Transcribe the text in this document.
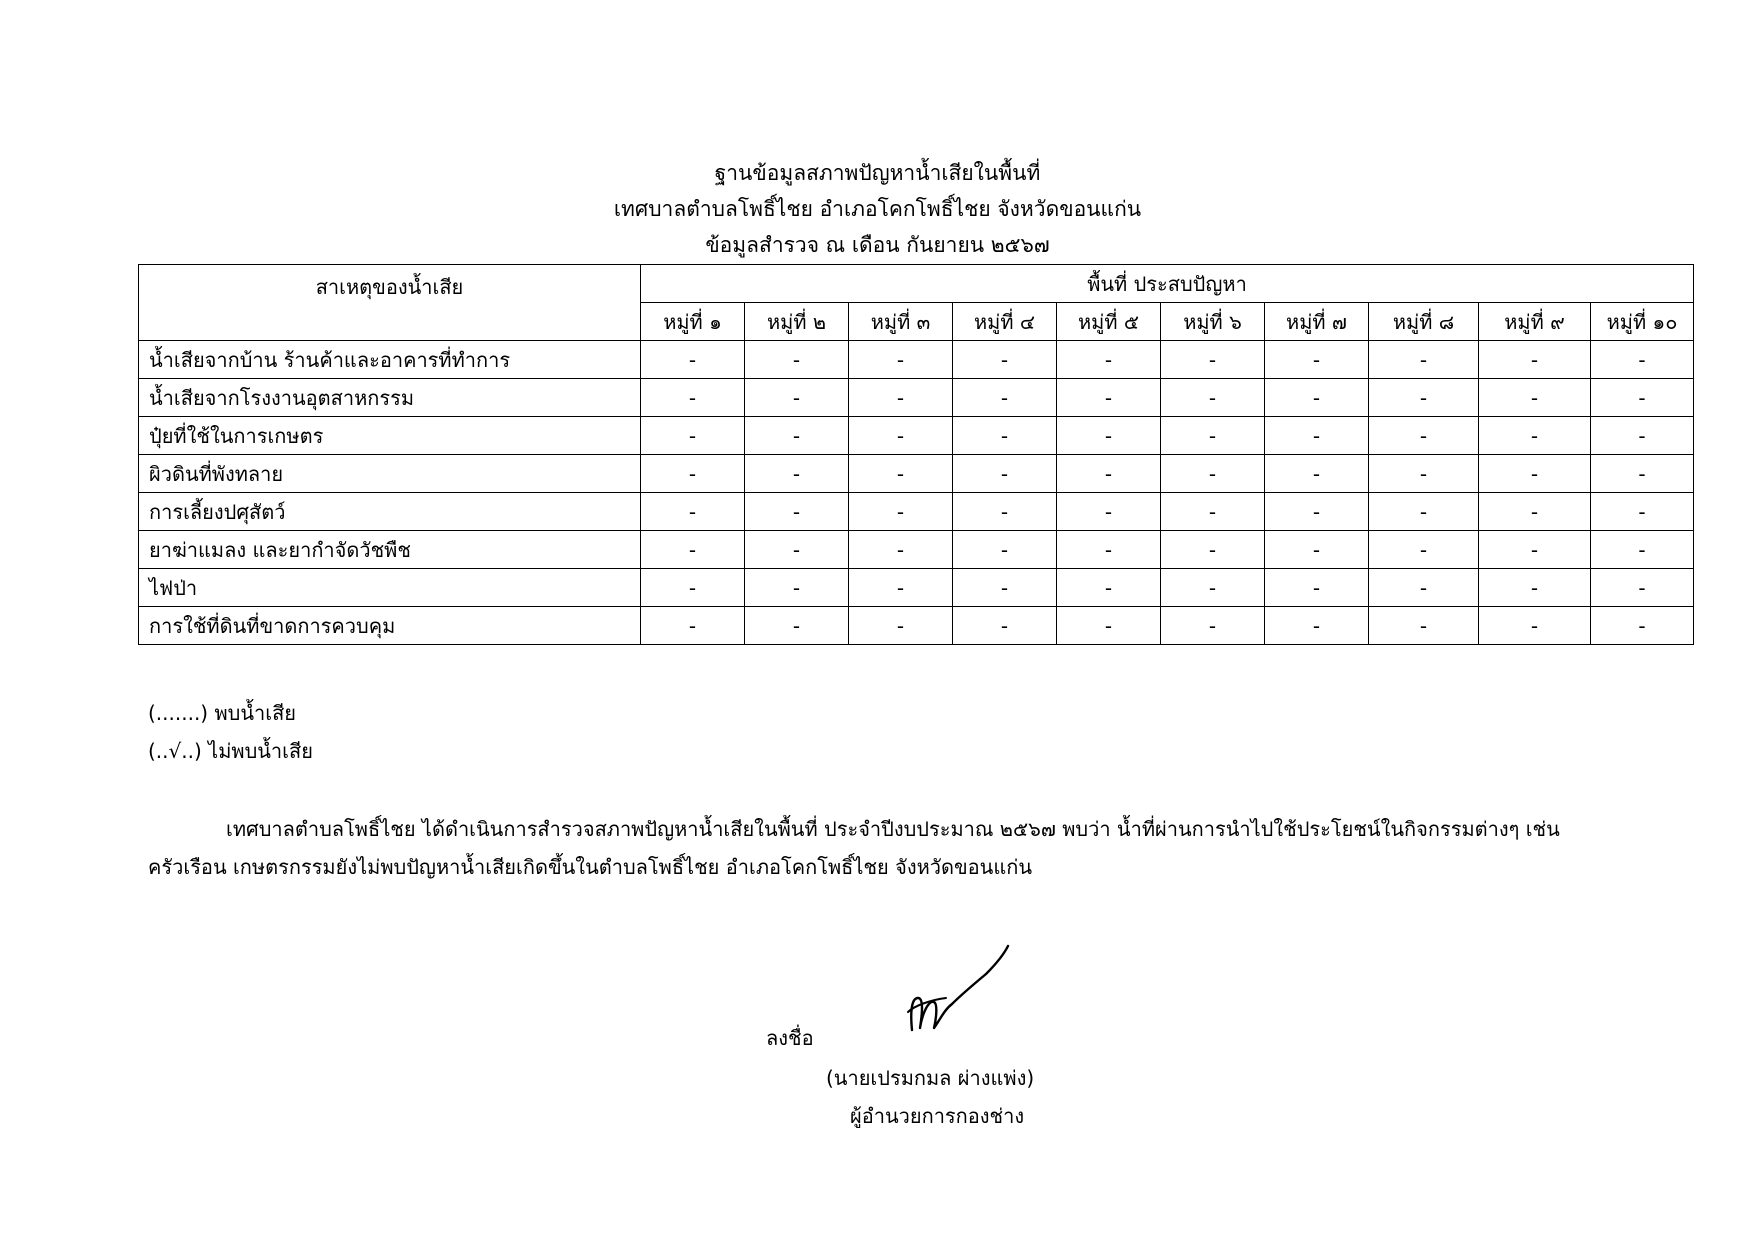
ฐานข้อมูลสภาพปัญหาน้ำเสียในพื้นที่
เทศบาลตำบลโพธิ์ไชย อำเภอโคกโพธิ์ไชย จังหวัดขอนแก่น
ข้อมูลสำรวจ ณ เดือน กันยายน ๒๕๖๗
สาเหตุของน้ำเสีย	พื้นที่ ประสบปัญหา									
	หมู่ที่ ๑	หมู่ที่ ๒	หมู่ที่ ๓	หมู่ที่ ๔	หมู่ที่ ๕	หมู่ที่ ๖	หมู่ที่ ๗	หมู่ที่ ๘	หมู่ที่ ๙	หมู่ที่ ๑๐
น้ำเสียจากบ้าน ร้านค้าและอาคารที่ทำการ	-	-	-	-	-	-	-	-	-	-
น้ำเสียจากโรงงานอุตสาหกรรม	-	-	-	-	-	-	-	-	-	-
ปุ๋ยที่ใช้ในการเกษตร	-	-	-	-	-	-	-	-	-	-
ผิวดินที่พังทลาย	-	-	-	-	-	-	-	-	-	-
การเลี้ยงปศุสัตว์	-	-	-	-	-	-	-	-	-	-
ยาฆ่าแมลง และยากำจัดวัชพืช	-	-	-	-	-	-	-	-	-	-
ไฟป่า	-	-	-	-	-	-	-	-	-	-
การใช้ที่ดินที่ขาดการควบคุม	-	-	-	-	-	-	-	-	-	-
(.......) พบน้ำเสีย
(..√..) ไม่พบน้ำเสีย
เทศบาลตำบลโพธิ์ไชย ได้ดำเนินการสำรวจสภาพปัญหาน้ำเสียในพื้นที่ ประจำปีงบประมาณ ๒๕๖๗ พบว่า น้ำที่ผ่านการนำไปใช้ประโยชน์ในกิจกรรมต่างๆ เช่น
ครัวเรือน เกษตรกรรมยังไม่พบปัญหาน้ำเสียเกิดขึ้นในตำบลโพธิ์ไชย อำเภอโคกโพธิ์ไชย จังหวัดขอนแก่น
ลงชื่อ
(นายเปรมกมล ผ่างแพ่ง)
ผู้อำนวยการกองช่าง
